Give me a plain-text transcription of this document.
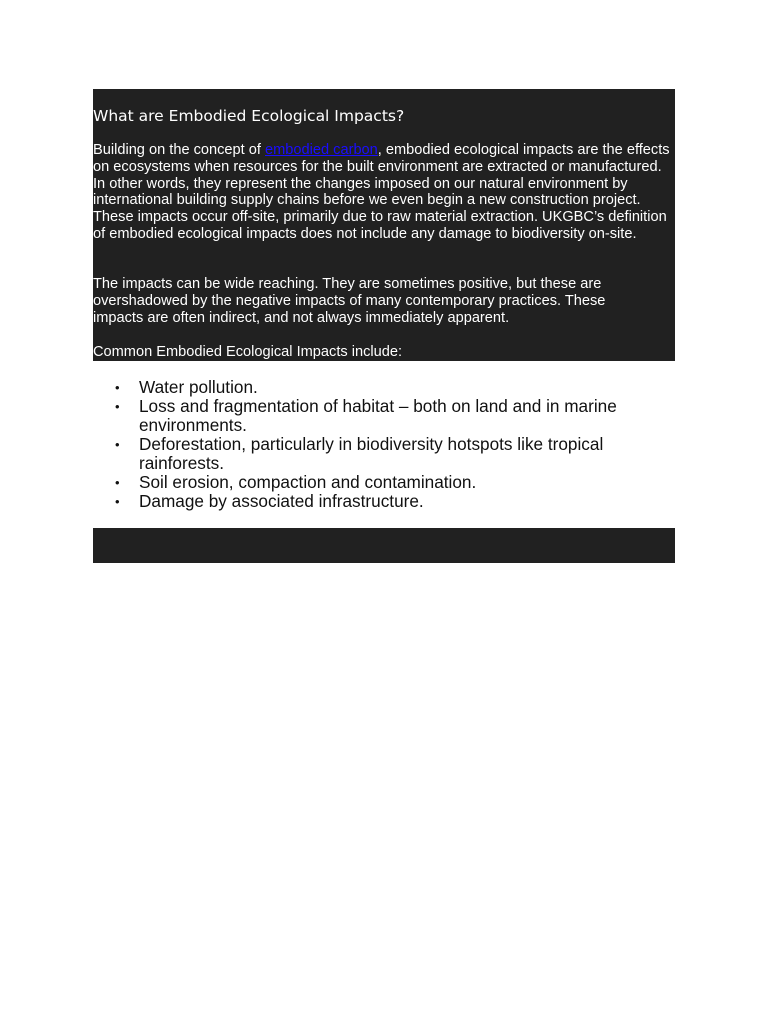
What are Embodied Ecological Impacts?

Building on the concept of embodied carbon, embodied ecological impacts are the effects on ecosystems when resources for the built environment are extracted or manufactured. In other words, they represent the changes imposed on our natural environment by international building supply chains before we even begin a new construction project. These impacts occur off-site, primarily due to raw material extraction. UKGBC’s definition of embodied ecological impacts does not include any damage to biodiversity on-site.

The impacts can be wide reaching. They are sometimes positive, but these are overshadowed by the negative impacts of many contemporary practices. These impacts are often indirect, and not always immediately apparent.

Common Embodied Ecological Impacts include:

•	Water pollution.
•	Loss and fragmentation of habitat – both on land and in marine environments.
•	Deforestation, particularly in biodiversity hotspots like tropical rainforests.
•	Soil erosion, compaction and contamination.
•	Damage by associated infrastructure.
